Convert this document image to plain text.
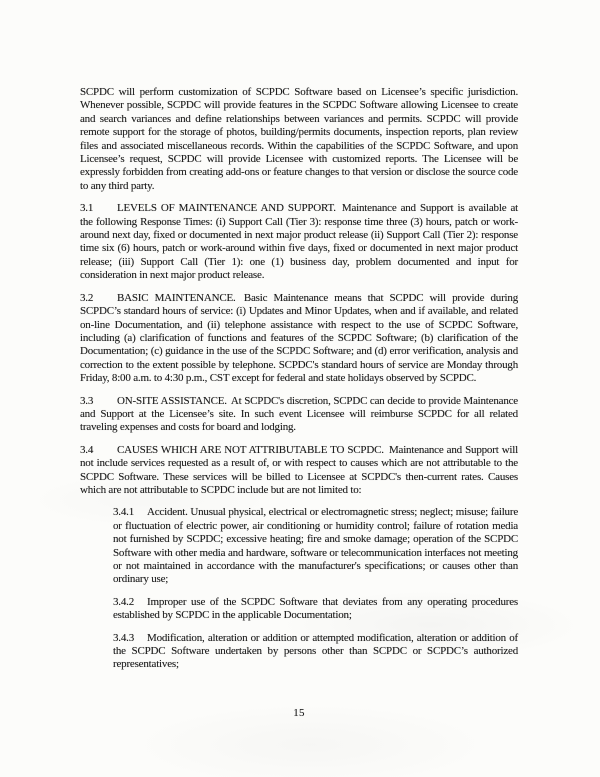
SCPDC will perform customization of SCPDC Software based on Licensee’s specific jurisdiction. Whenever possible, SCPDC will provide features in the SCPDC Software allowing Licensee to create and search variances and define relationships between variances and permits. SCPDC will provide remote support for the storage of photos, building/permits documents, inspection reports, plan review files and associated miscellaneous records. Within the capabilities of the SCPDC Software, and upon Licensee’s request, SCPDC will provide Licensee with customized reports. The Licensee will be expressly forbidden from creating add-ons or feature changes to that version or disclose the source code to any third party.

3.1 LEVELS OF MAINTENANCE AND SUPPORT. Maintenance and Support is available at the following Response Times: (i) Support Call (Tier 3): response time three (3) hours, patch or work-around next day, fixed or documented in next major product release (ii) Support Call (Tier 2): response time six (6) hours, patch or work-around within five days, fixed or documented in next major product release; (iii) Support Call (Tier 1): one (1) business day, problem documented and input for consideration in next major product release.

3.2 BASIC MAINTENANCE. Basic Maintenance means that SCPDC will provide during SCPDC’s standard hours of service: (i) Updates and Minor Updates, when and if available, and related on-line Documentation, and (ii) telephone assistance with respect to the use of SCPDC Software, including (a) clarification of functions and features of the SCPDC Software; (b) clarification of the Documentation; (c) guidance in the use of the SCPDC Software; and (d) error verification, analysis and correction to the extent possible by telephone. SCPDC's standard hours of service are Monday through Friday, 8:00 a.m. to 4:30 p.m., CST except for federal and state holidays observed by SCPDC.

3.3 ON-SITE ASSISTANCE. At SCPDC's discretion, SCPDC can decide to provide Maintenance and Support at the Licensee’s site. In such event Licensee will reimburse SCPDC for all related traveling expenses and costs for board and lodging.

3.4 CAUSES WHICH ARE NOT ATTRIBUTABLE TO SCPDC. Maintenance and Support will not include services requested as a result of, or with respect to causes which are not attributable to the SCPDC Software. These services will be billed to Licensee at SCPDC's then-current rates. Causes which are not attributable to SCPDC include but are not limited to:

3.4.1 Accident. Unusual physical, electrical or electromagnetic stress; neglect; misuse; failure or fluctuation of electric power, air conditioning or humidity control; failure of rotation media not furnished by SCPDC; excessive heating; fire and smoke damage; operation of the SCPDC Software with other media and hardware, software or telecommunication interfaces not meeting or not maintained in accordance with the manufacturer's specifications; or causes other than ordinary use;

3.4.2 Improper use of the SCPDC Software that deviates from any operating procedures established by SCPDC in the applicable Documentation;

3.4.3 Modification, alteration or addition or attempted modification, alteration or addition of the SCPDC Software undertaken by persons other than SCPDC or SCPDC’s authorized representatives;

15
